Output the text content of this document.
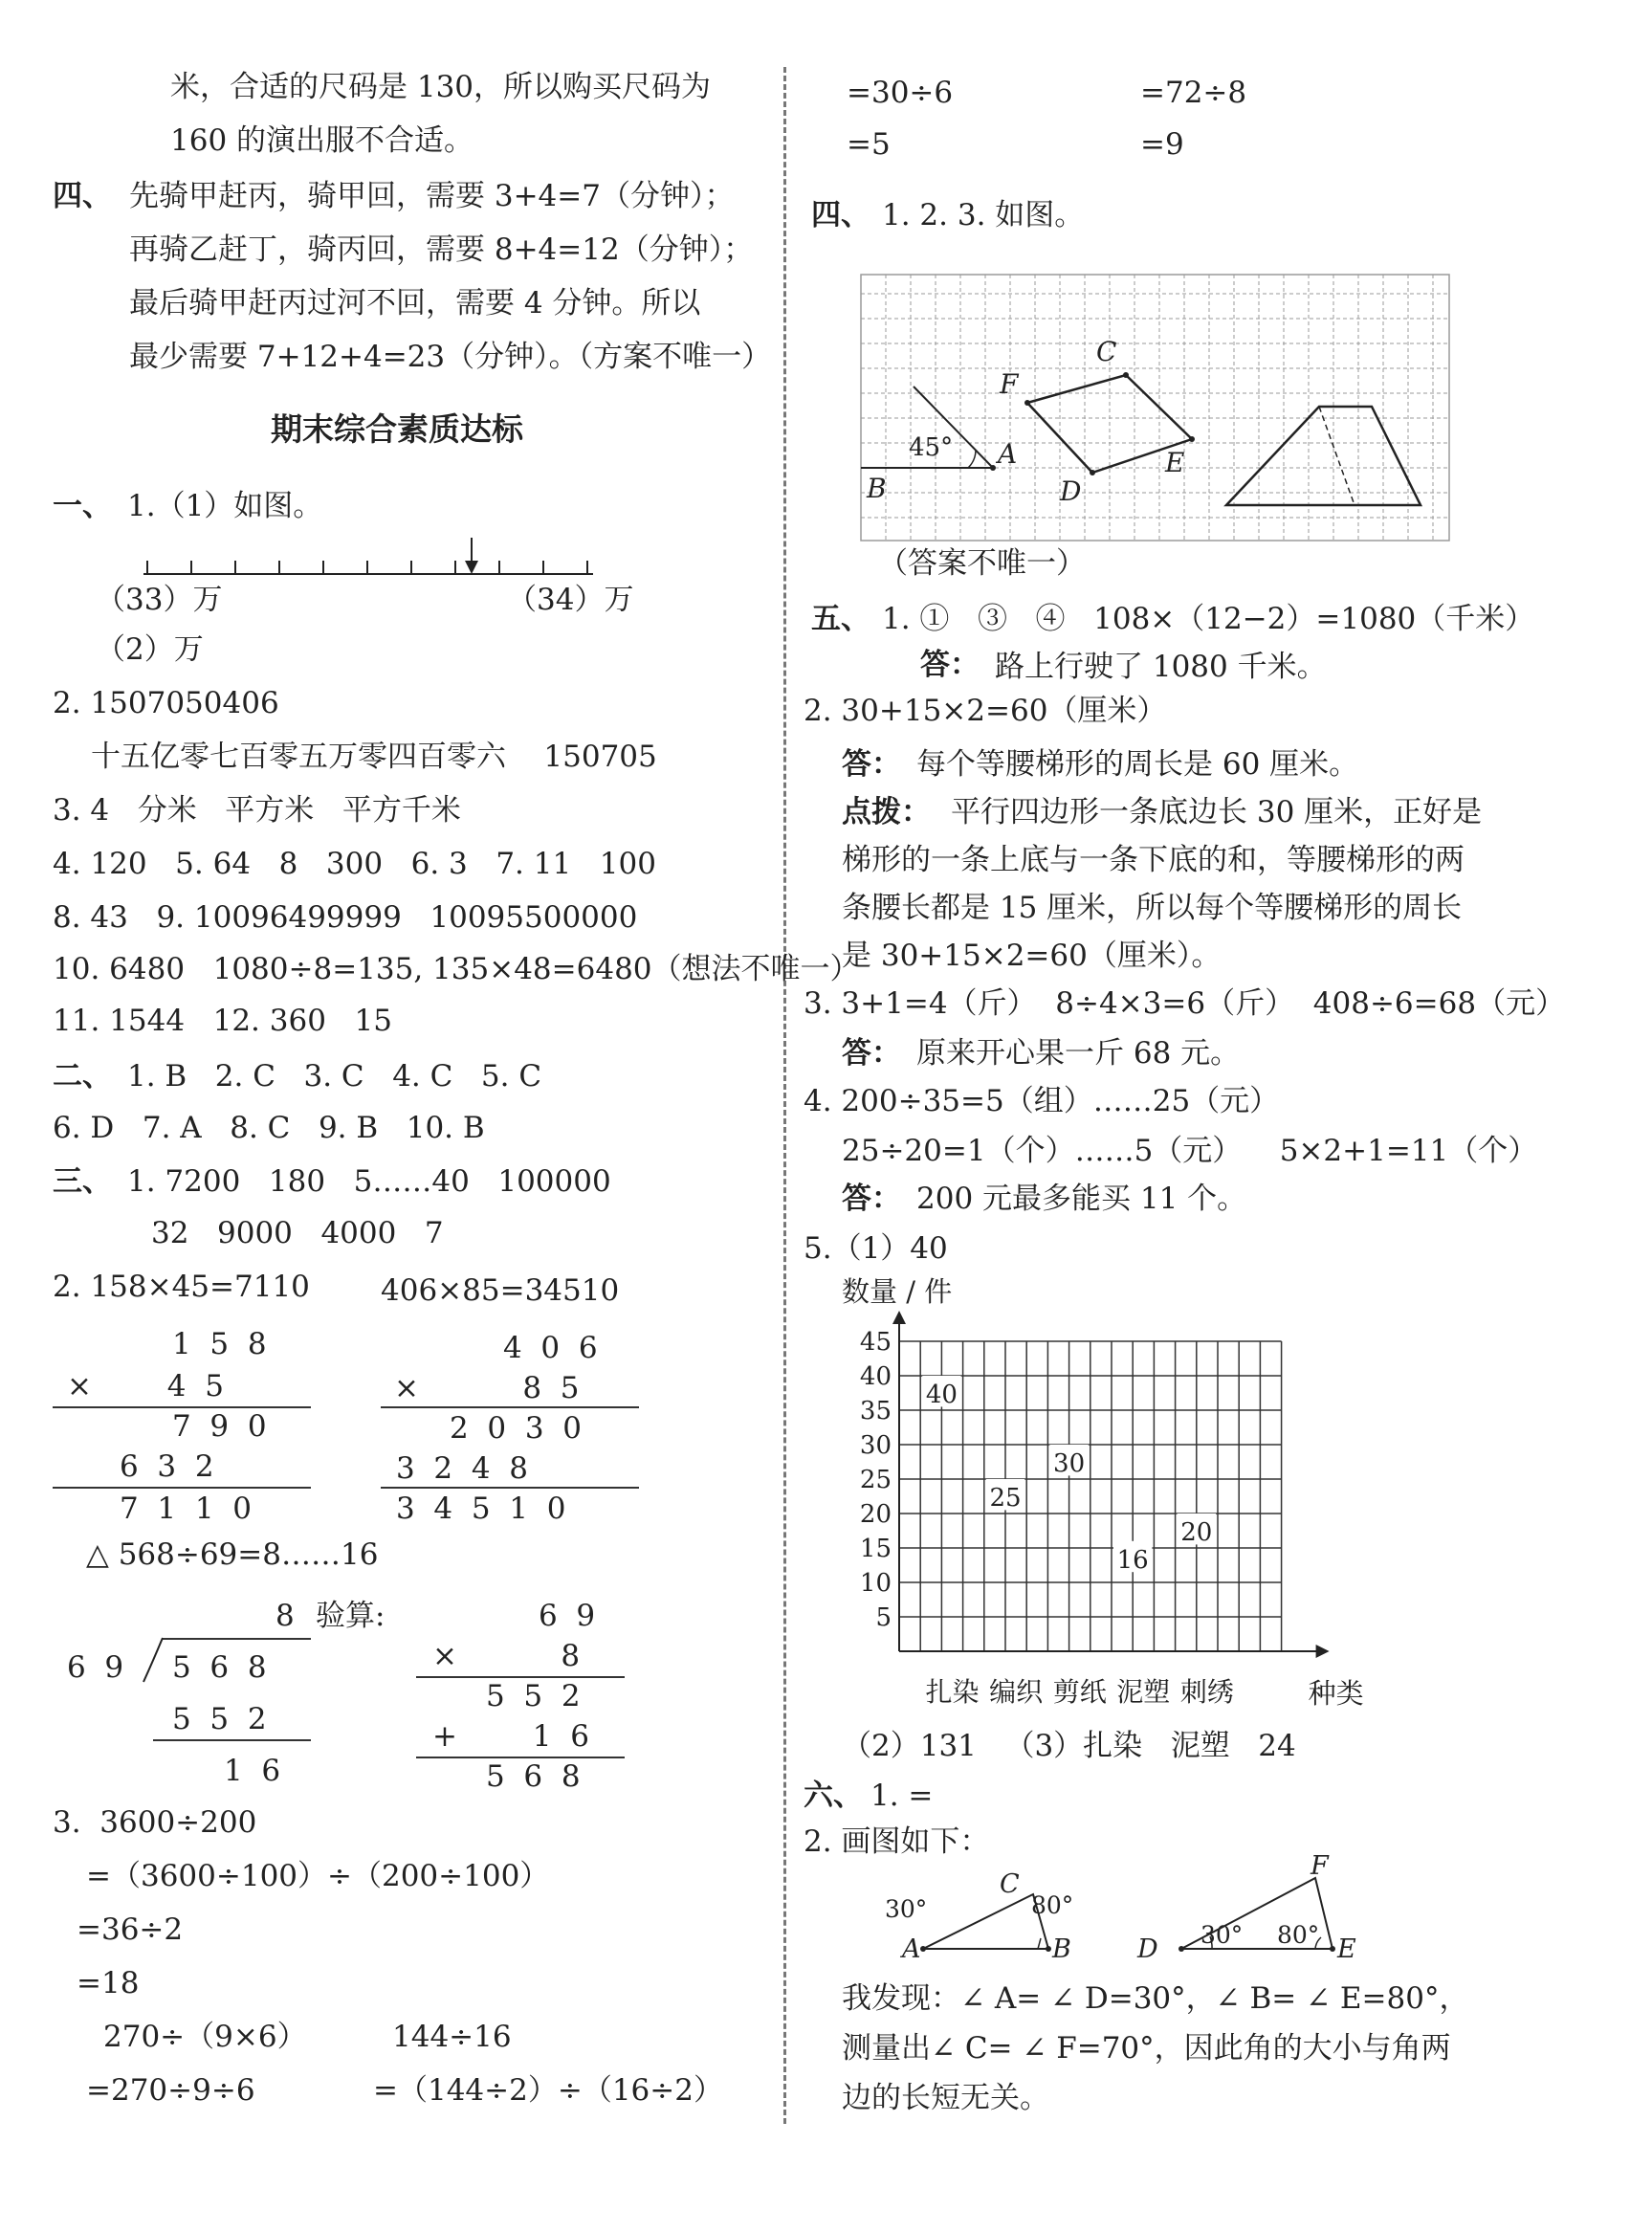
米，合适的尺码是 130，所以购买尺码为
160 的演出服不合适。
四、 先骑甲赶丙，骑甲回，需要 3+4=7（分钟）；
再骑乙赶丁，骑丙回，需要 8+4=12（分钟）；
最后骑甲赶丙过河不回，需要 4 分钟。所以
最少需要 7+12+4=23（分钟）。（方案不唯一）
期末综合素质达标
一、 1.（1）如图。
（33）万	（34）万
（2）万
2. 1507050406
十五亿零七百零五万零四百零六    150705
3. 4   分米   平方米   平方千米
4. 120   5. 64   8   300   6. 3   7. 11   100
8. 43   9. 10096499999   10095500000
10. 6480   1080÷8=135, 135×48=6480（想法不唯一）
11. 1544   12. 360   15
二、 1. B   2. C   3. C   4. C   5. C
6. D   7. A   8. C   9. B   10. B
三、 1. 7200   180   5……40   100000
32   9000   4000   7
2. 158×45=7110 406×85=34510
1  5  8
×        4  5
7  9  0
6  3  2
7  1  1  0
4  0  6
×           8  5
2  0  3  0
3  2  4  8
3  4  5  1  0
△ 568÷69=8……16
8 验算:
6  9 5  6  8
5  5  2
1  6
6  9
×           8
5  5  2
+        1  6
5  6  8
3.  3600÷200
=（3600÷100）÷（200÷100）
=36÷2
=18
270÷（9×6）
=270÷9÷6
144÷16
=（144÷2）÷（16÷2）
=30÷6	=72÷8
=5	=9
四、 1. 2. 3. 如图。
45° A
B
F
C
E
D
（答案不唯一）
五、 1. ①   ③   ④   108×（12−2）=1080（千米）
答： 路上行驶了 1080 千米。
2. 30+15×2=60（厘米）
答： 每个等腰梯形的周长是 60 厘米。
点拨： 平行四边形一条底边长 30 厘米，正好是
梯形的一条上底与一条下底的和，等腰梯形的两
条腰长都是 15 厘米，所以每个等腰梯形的周长
是 30+15×2=60（厘米）。
3. 3+1=4（斤）  8÷4×3=6（斤）  408÷6=68（元）
答： 原来开心果一斤 68 元。
4. 200÷35=5（组）……25（元）
25÷20=1（个）……5（元）    5×2+1=11（个）
答： 200 元最多能买 11 个。
5.（1）40
5
10
15
20
25
30
35
40
45
数量 / 件
种类
扎染
40
编织
25
剪纸
30
泥塑
16
刺绣
20
（2）131   （3）扎染   泥塑   24
六、 1. =
2. 画图如下：
A	B
C
30°	80°
D	E
F
30° 80°
我发现：∠ A= ∠ D=30°，∠ B= ∠ E=80°，
测量出∠ C= ∠ F=70°，因此角的大小与角两
边的长短无关。
